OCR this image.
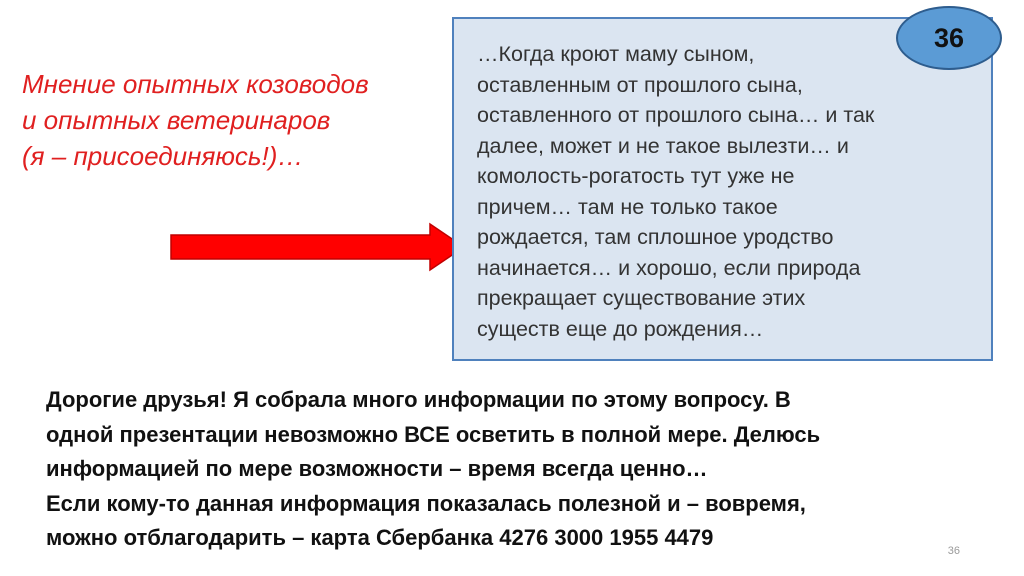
Мнение опытных козоводов
и опытных ветеринаров
(я – присоединяюсь!)…
…Когда кроют маму сыном,
оставленным от прошлого сына,
оставленного от прошлого сына… и так
далее, может и не такое вылезти… и
комолость-рогатость тут уже не
причем… там не только такое
рождается, там сплошное уродство
начинается… и хорошо, если природа
прекращает существование этих
существ еще до рождения…
36
Дорогие друзья! Я собрала много информации по этому вопросу. В
одной презентации невозможно ВСЕ осветить в полной мере. Делюсь
информацией по мере возможности – время всегда ценно…
Если кому-то данная информация показалась полезной и – вовремя,
можно отблагодарить – карта Сбербанка 4276 3000 1955 4479
36
